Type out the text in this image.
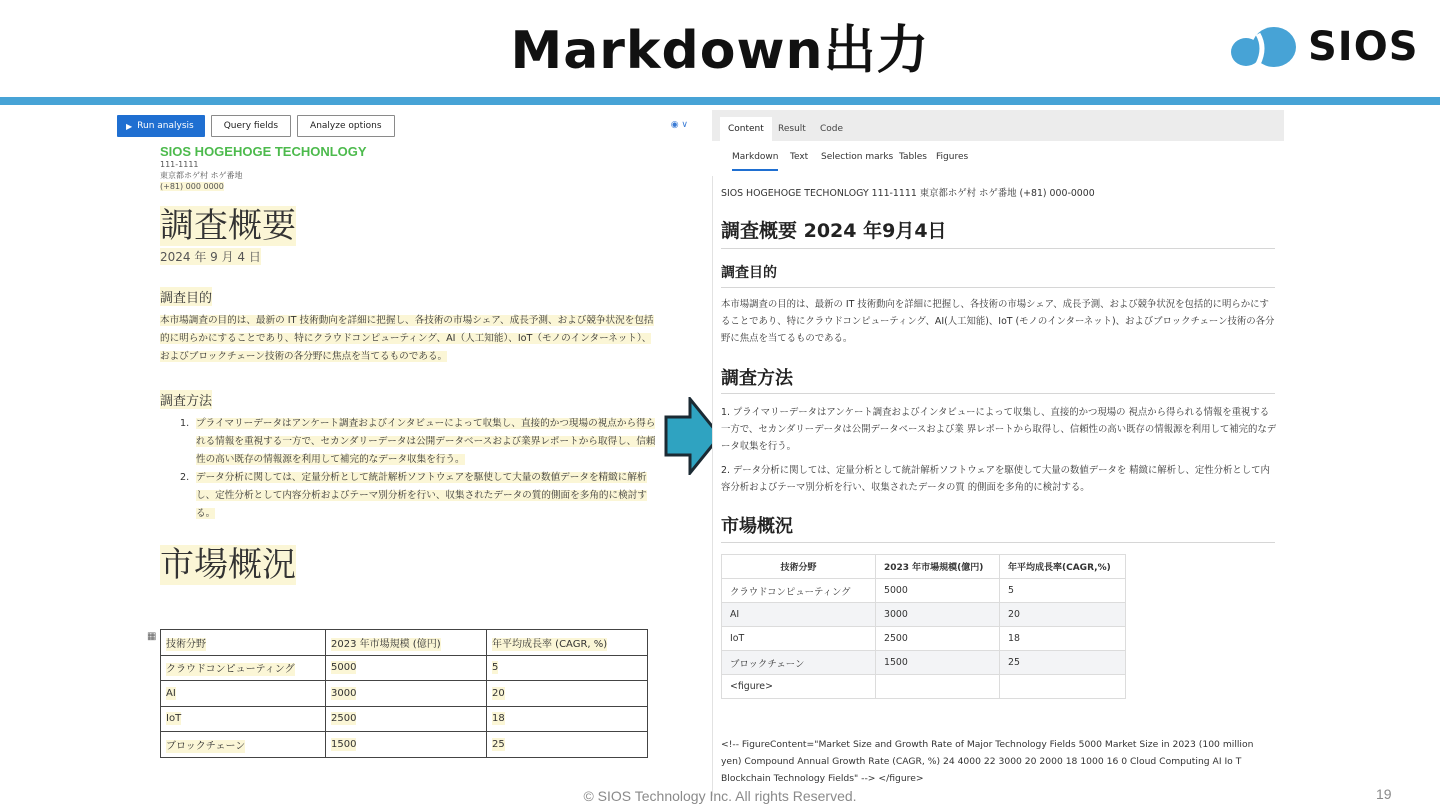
Markdown出力	SIOS
▶ Run analysis	Query fields	Analyze options	◉ ∨
SIOS HOGEHOGE TECHONLOGY
111-1111
東京都ホゲ村 ホゲ番地
(+81) 000 0000
調査概要
2024 年 9 月 4 日
調査目的
本市場調査の目的は、最新の IT 技術動向を詳細に把握し、各技術の市場シェア、成長予測、および競争状況を包括的に明らかにすることであり、特にクラウドコンピューティング、AI（人工知能）、IoT（モノのインターネット）、およびブロックチェーン技術の各分野に焦点を当てるものである。
調査方法
1. プライマリーデータはアンケート調査およびインタビューによって収集し、直接的かつ現場の視点から得られる情報を重視する一方で、セカンダリーデータは公開データベースおよび業界レポートから取得し、信頼性の高い既存の情報源を利用して補完的なデータ収集を行う。
2. データ分析に関しては、定量分析として統計解析ソフトウェアを駆使して大量の数値データを精緻に解析し、定性分析として内容分析およびテーマ別分析を行い、収集されたデータの質的側面を多角的に検討する。
市場概況
▦
技術分野	2023 年市場規模 (億円)	年平均成長率 (CAGR, %)
クラウドコンピューティング	5000	5
AI	3000	20
IoT	2500	18
ブロックチェーン	1500	25
Content	Result	Code
Markdown Text Selection marks Tables Figures
SIOS HOGEHOGE TECHONLOGY 111-1111 東京都ホゲ村 ホゲ番地 (+81) 000-0000
調査概要 2024 年9月4日
調査目的
本市場調査の目的は、最新の IT 技術動向を詳細に把握し、各技術の市場シェア、成長予測、および競争状況を包括的に明らかにすることであり、特にクラウドコンピューティング、AI(人工知能)、IoT (モノのインターネット)、およびブロックチェーン技術の各分野に焦点を当てるものである。
調査方法
1. プライマリーデータはアンケート調査およびインタビューによって収集し、直接的かつ現場の 視点から得られる情報を重視する一方で、セカンダリーデータは公開データベースおよび業 界レポートから取得し、信頼性の高い既存の情報源を利用して補完的なデータ収集を行う。
2. データ分析に関しては、定量分析として統計解析ソフトウェアを駆使して大量の数値データを 精緻に解析し、定性分析として内容分析およびテーマ別分析を行い、収集されたデータの質 的側面を多角的に検討する。
市場概況
技術分野	2023 年市場規模(億円)	年平均成長率(CAGR,%)
クラウドコンピューティング	5000	5
AI	3000	20
IoT	2500	18
ブロックチェーン	1500	25
<figure>		
<!-- FigureContent="Market Size and Growth Rate of Major Technology Fields 5000 Market Size in 2023 (100 million yen) Compound Annual Growth Rate (CAGR, %) 24 4000 22 3000 20 2000 18 1000 16 0 Cloud Computing AI Io T Blockchain Technology Fields" --> </figure>
© SIOS Technology Inc. All rights Reserved.	19
